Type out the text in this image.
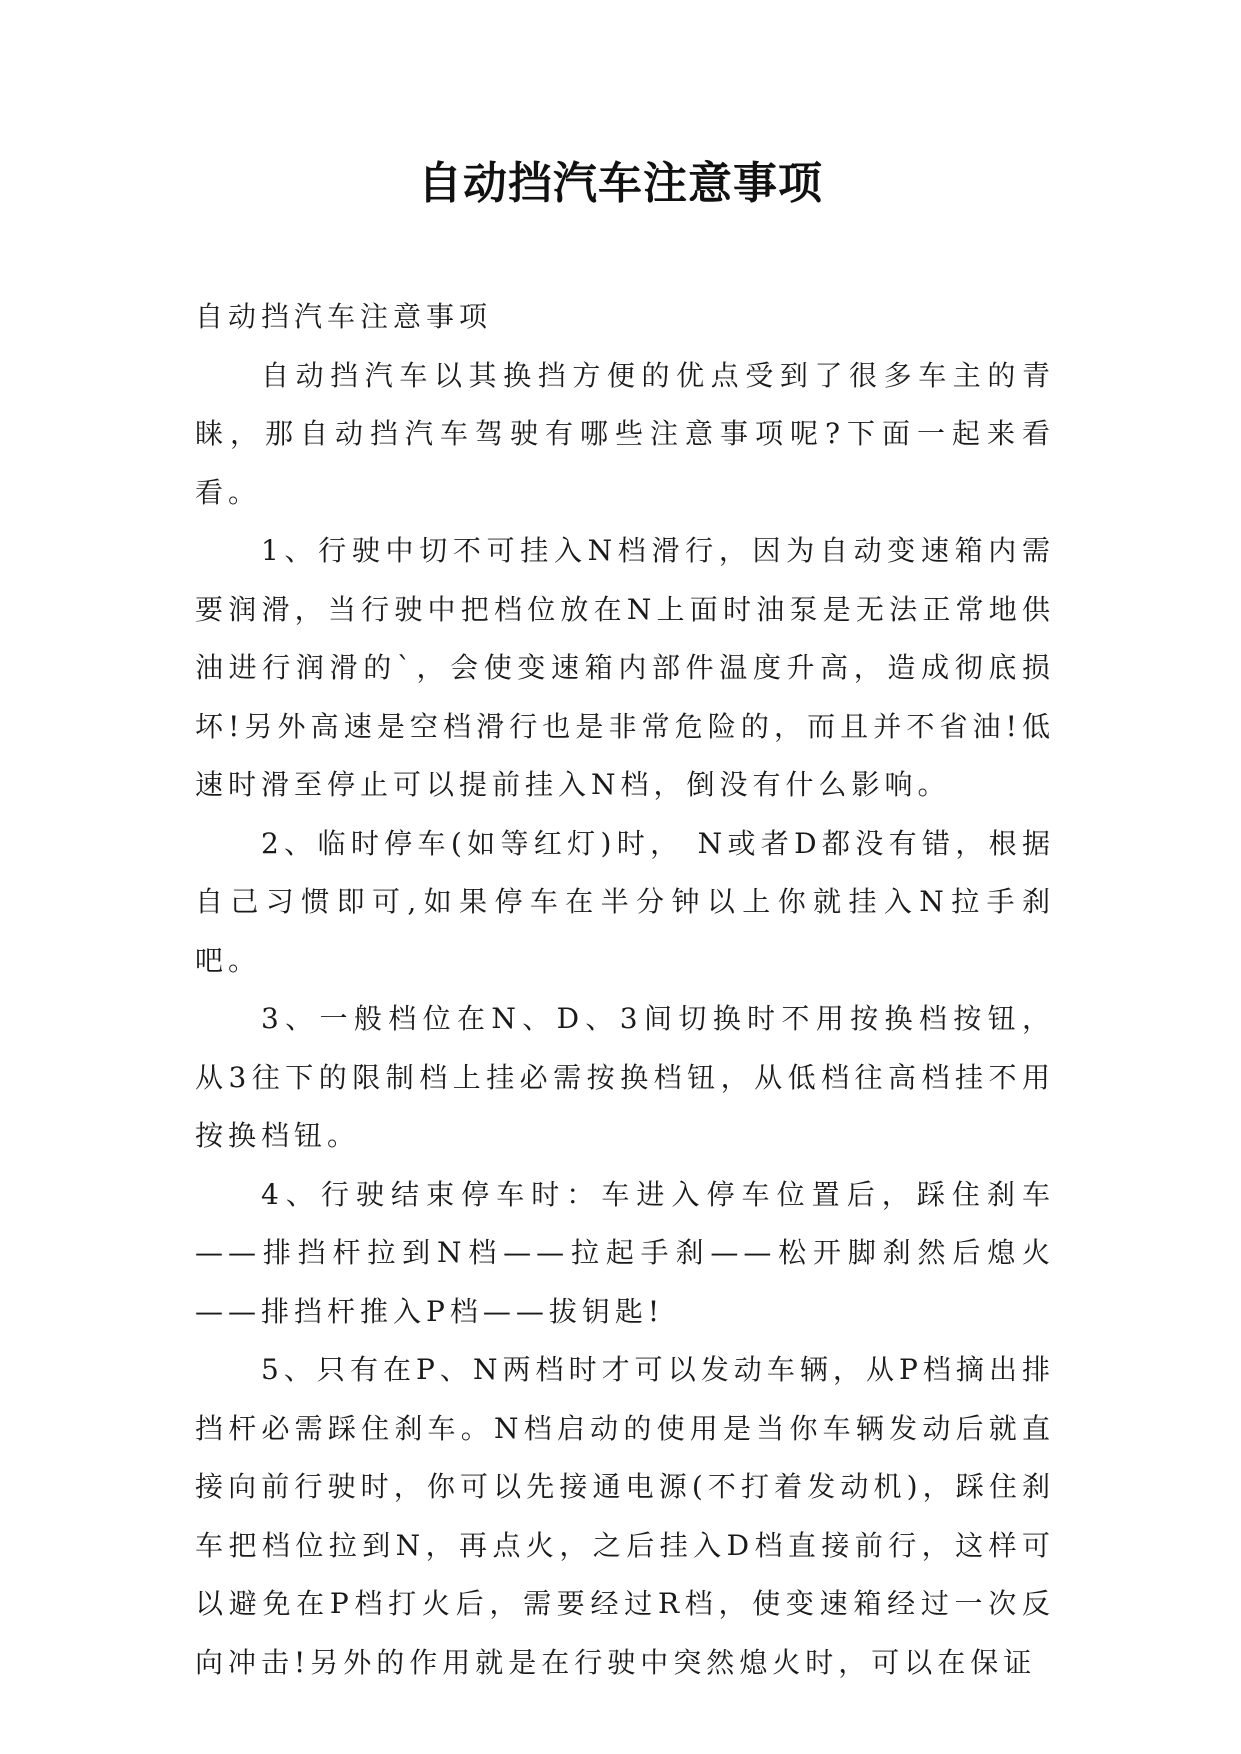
自动挡汽车注意事项

自动挡汽车注意事项

自动挡汽车以其换挡方便的优点受到了很多车主的青睐，那自动挡汽车驾驶有哪些注意事项呢?下面一起来看看。

1、行驶中切不可挂入N档滑行，因为自动变速箱内需要润滑，当行驶中把档位放在N上面时油泵是无法正常地供油进行润滑的`，会使变速箱内部件温度升高，造成彻底损坏!另外高速是空档滑行也是非常危险的，而且并不省油!低速时滑至停止可以提前挂入N档，倒没有什么影响。

2、临时停车(如等红灯)时， N或者D都没有错，根据自己习惯即可,如果停车在半分钟以上你就挂入N拉手刹吧。

3、一般档位在N、D、3间切换时不用按换档按钮，从3往下的限制档上挂必需按换档钮，从低档往高档挂不用按换档钮。

4、行驶结束停车时：车进入停车位置后，踩住刹车——排挡杆拉到N档——拉起手刹——松开脚刹然后熄火——排挡杆推入P档——拔钥匙!

5、只有在P、N两档时才可以发动车辆，从P档摘出排挡杆必需踩住刹车。N档启动的使用是当你车辆发动后就直接向前行驶时，你可以先接通电源(不打着发动机)，踩住刹车把档位拉到N，再点火，之后挂入D档直接前行，这样可以避免在P档打火后，需要经过R档，使变速箱经过一次反向冲击!另外的作用就是在行驶中突然熄火时，可以在保证
